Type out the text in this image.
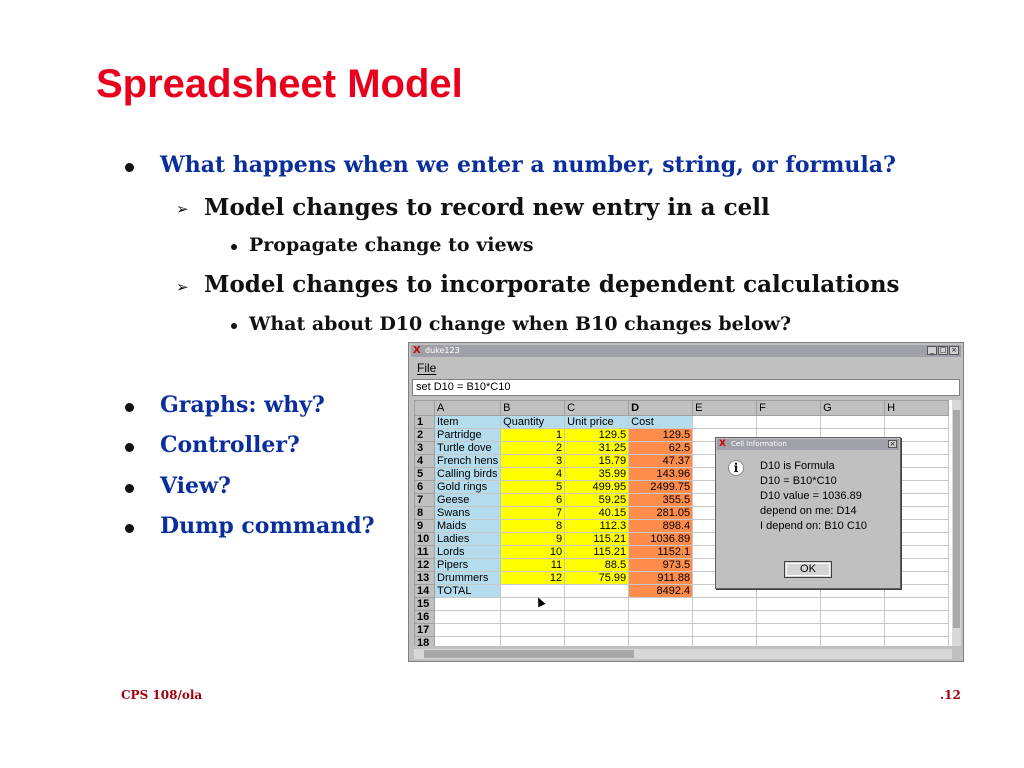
Spreadsheet Model
What happens when we enter a number, string, or formula?
➢ Model changes to record new entry in a cell
Propagate change to views
➢ Model changes to incorporate dependent calculations
What about D10 change when B10 changes below?
Graphs: why?
Controller?
View?
Dump command?
X duke123	_ □ ×
File
set D10 = B10*C10
	A	B	C	D	E	F	G	H
1	Item	Quantity	Unit price	Cost				
2	Partridge	1	129.5	129.5				
3	Turtle dove	2	31.25	62.5				
4	French hens	3	15.79	47.37				
5	Calling birds	4	35.99	143.96				
6	Gold rings	5	499.95	2499.75				
7	Geese	6	59.25	355.5				
8	Swans	7	40.15	281.05				
9	Maids	8	112.3	898.4				
10	Ladies	9	115.21	1036.89				
11	Lords	10	115.21	1152.1				
12	Pipers	11	88.5	973.5				
13	Drummers	12	75.99	911.88				
14	TOTAL			8492.4				
15								
16								
17								
18								
X Cell Information	×
i	D10 is Formula
D10 = B10*C10
D10 value = 1036.89
depend on me: D14
I depend on: B10 C10
OK
CPS 108/ola	.12
